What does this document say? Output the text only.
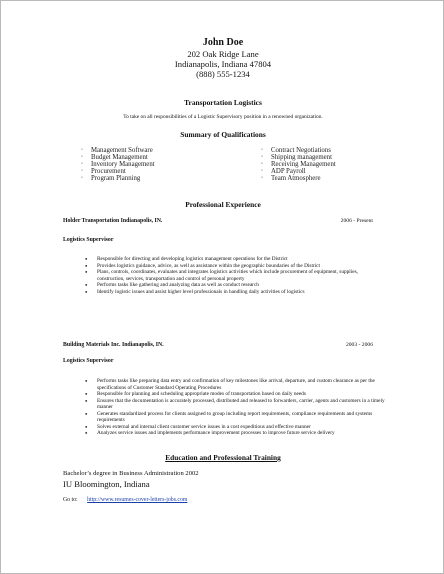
John Doe
202 Oak Ridge Lane
Indianapolis, Indiana 47804
(888) 555-1234
Transportation Logistics
To take on all responsibilities of a Logistic Supervisory position in a renowned organization.
Summary of Qualifications
◦ Management Software
◦ Budget Management
◦ Inventory Management
◦ Procurement
◦ Program Planning
◦ Contract Negotiations
◦ Shipping management
◦ Receiving Management
◦ ADP Payroll
◦ Team Atmosphere
Professional Experience
Holder Transportation Indianapolis, IN.	2006 - Present
Logistics Supervisor
● Responsible for directing and developing logistics management operations for the District
● Provides logistics guidance, advice, as well as assistance within the geographic boundaries of the District
● Plans, controls, coordinates, evaluates and integrates logistics activities which include procurement of equipment, supplies, construction, services, transportation and control of personal property
● Performs tasks like gathering and analyzing data as well as conduct research
● Identify logistic issues and assist higher level professionals in handling daily activities of logistics
Building Materials Inc. Indianapolis, IN.	2003 - 2006
Logistics Supervisor
● Performs tasks like preparing data entry and confirmation of key milestones like arrival, departure, and custom clearance as per the specifications of Customer Standard Operating Procedures
● Responsible for planning and scheduling appropriate modes of transportation based on daily needs
● Ensures that the documentation is accurately processed, distributed and released to forwarders, carrier, agents and customers in a timely manner
● Generates standardized process for clients assigned to group including report requirements, compliance requirements and systems requirements
● Solves external and internal client customer service issues in a cost expeditious and effective manner
● Analyzes service issues and implements performance improvement processes to improve future service delivery
Education and Professional Training
Bachelor’s degree in Business Administration 2002
IU Bloomington, Indiana
Go to: http://www.resumes-cover-letters-jobs.com
